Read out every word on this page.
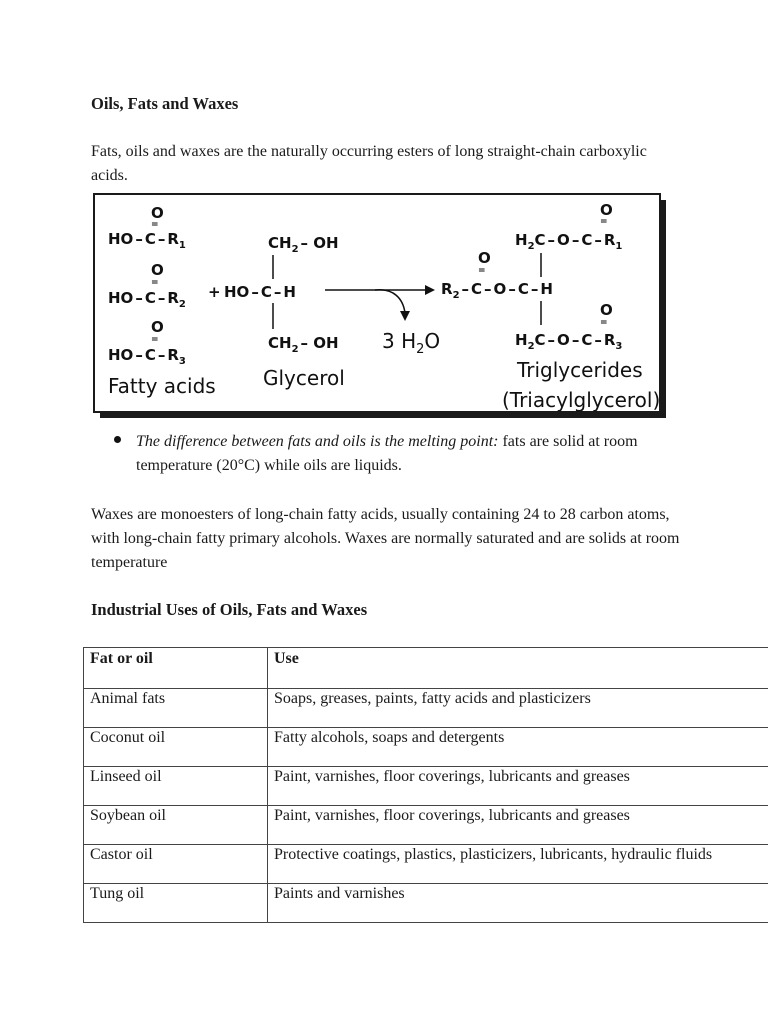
Oils, Fats and Waxes
Fats, oils and waxes are the naturally occurring esters of long straight-chain carboxylic acids.
O
=
HO – C – $R_1$
O
=
HO – C – $R_2$
O
=
HO – C – $R_3$
+ HO – C – H
$CH_2$ – OH
$CH_2$ – OH 3 $H_2O$
O
=
$H_2C$ – O – C – $R_1$
O
=
$R_2$ – C – O – C – H
O
=
$H_2C$ – O – C – $R_3$
Fatty acids Glycerol	Triglycerides
(Triacylglycerol)
The difference between fats and oils is the melting point: fats are solid at room temperature (20°C) while oils are liquids.
Waxes are monoesters of long-chain fatty acids, usually containing 24 to 28 carbon atoms, with long-chain fatty primary alcohols. Waxes are normally saturated and are solids at room temperature
Industrial Uses of Oils, Fats and Waxes
Fat or oil	Use
Animal fats	Soaps, greases, paints, fatty acids and plasticizers
Coconut oil	Fatty alcohols, soaps and detergents
Linseed oil	Paint, varnishes, floor coverings, lubricants and greases
Soybean oil	Paint, varnishes, floor coverings, lubricants and greases
Castor oil	Protective coatings, plastics, plasticizers, lubricants, hydraulic fluids
Tung oil	Paints and varnishes
